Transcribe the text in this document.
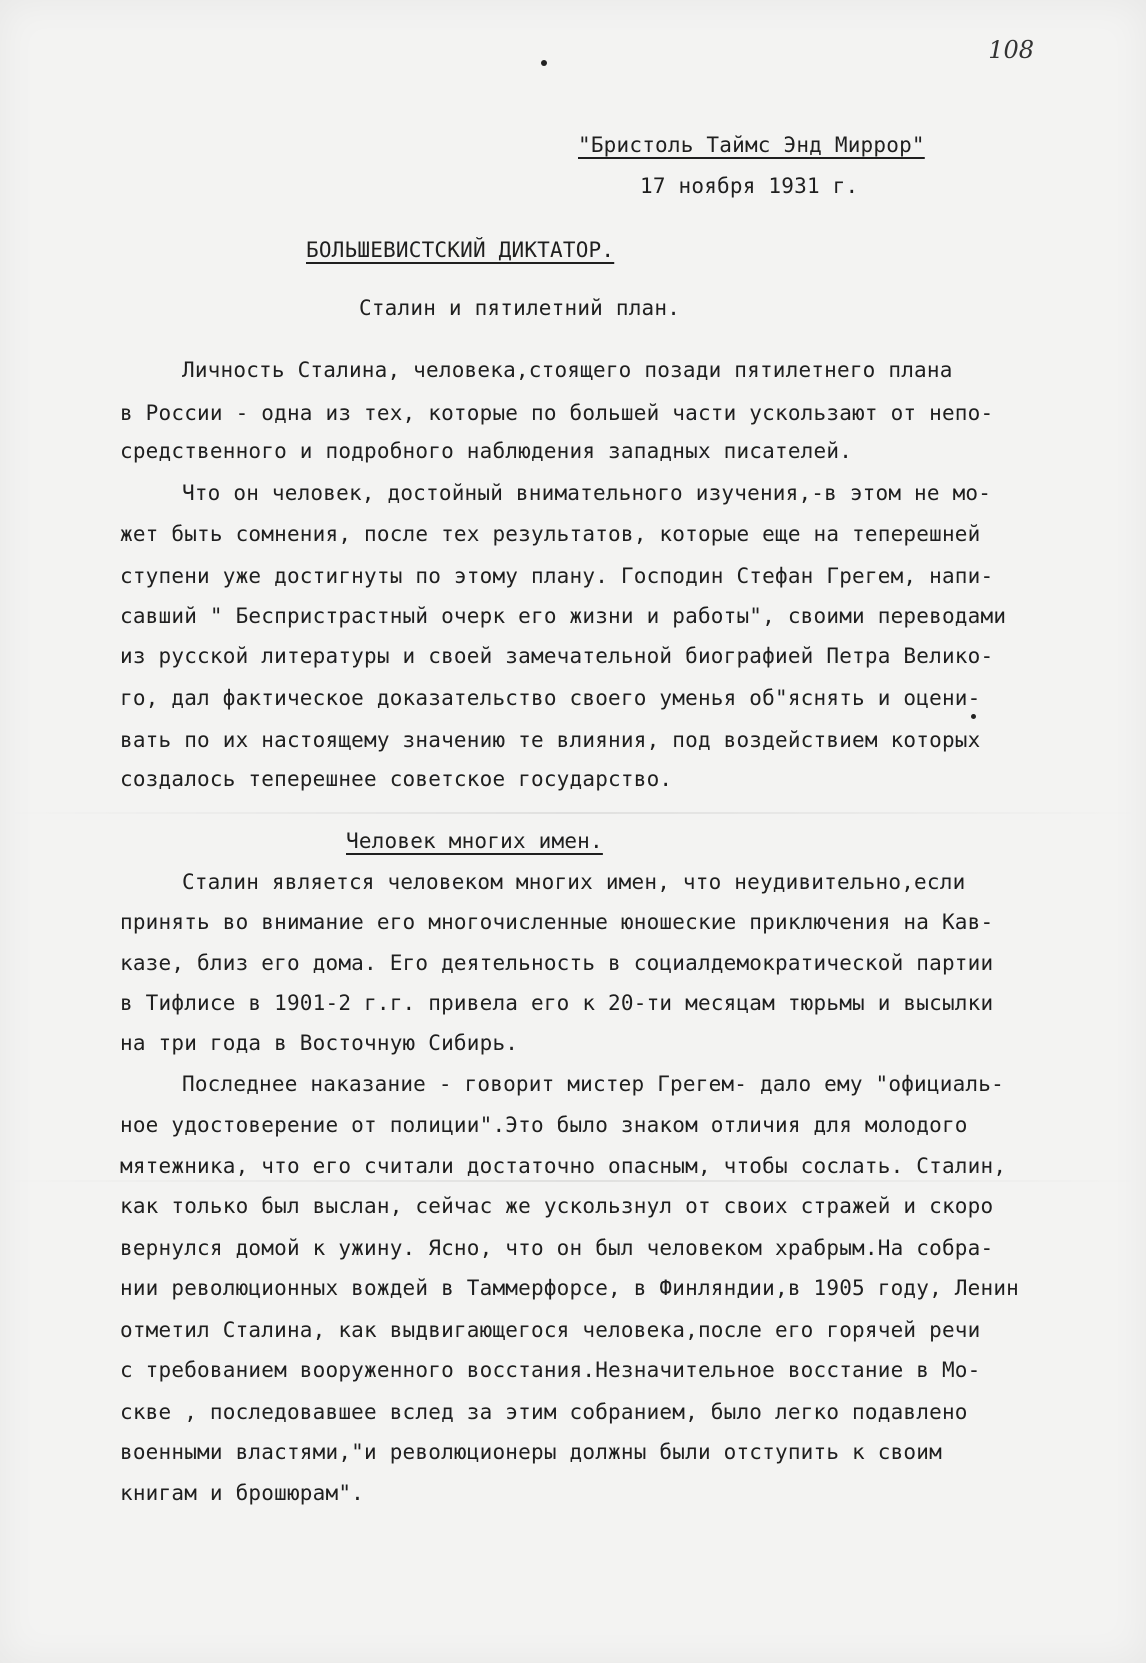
108
"Бристоль Таймс Энд Миррор"
17 ноября 1931 г.
БОЛЬШЕВИСТСКИЙ ДИКТАТОР.
Сталин и пятилетний план.
Личность Сталина, человека,стоящего позади пятилетнего плана
в России - одна из тех, которые по большей части ускользают от непо-
средственного и подробного наблюдения западных писателей.
Что он человек, достойный внимательного изучения,-в этом не мо-
жет быть сомнения, после тех результатов, которые еще на теперешней
ступени уже достигнуты по этому плану. Господин Стефан Грегем, напи-
савший " Беспристрастный очерк его жизни и работы", своими переводами
из русской литературы и своей замечательной биографией Петра Велико-
го, дал фактическое доказательство своего уменья об"яснять и оцени-
вать по их настоящему значению те влияния, под воздействием которых
создалось теперешнее советское государство.
Человек многих имен.
Сталин является человеком многих имен, что неудивительно,если
принять во внимание его многочисленные юношеские приключения на Кав-
казе, близ его дома. Его деятельность в социалдемократической партии
в Тифлисе в 1901-2 г.г. привела его к 20-ти месяцам тюрьмы и высылки
на три года в Восточную Сибирь.
Последнее наказание - говорит мистер Грегем- дало ему "официаль-
ное удостоверение от полиции".Это было знаком отличия для молодого
мятежника, что его считали достаточно опасным, чтобы сослать. Сталин,
как только был выслан, сейчас же ускользнул от своих стражей и скоро
вернулся домой к ужину. Ясно, что он был человеком храбрым.На собра-
нии революционных вождей в Таммерфорсе, в Финляндии,в 1905 году, Ленин
отметил Сталина, как выдвигающегося человека,после его горячей речи
с требованием вооруженного восстания.Незначительное восстание в Мо-
скве , последовавшее вслед за этим собранием, было легко подавлено
военными властями,"и революционеры должны были отступить к своим
книгам и брошюрам".
